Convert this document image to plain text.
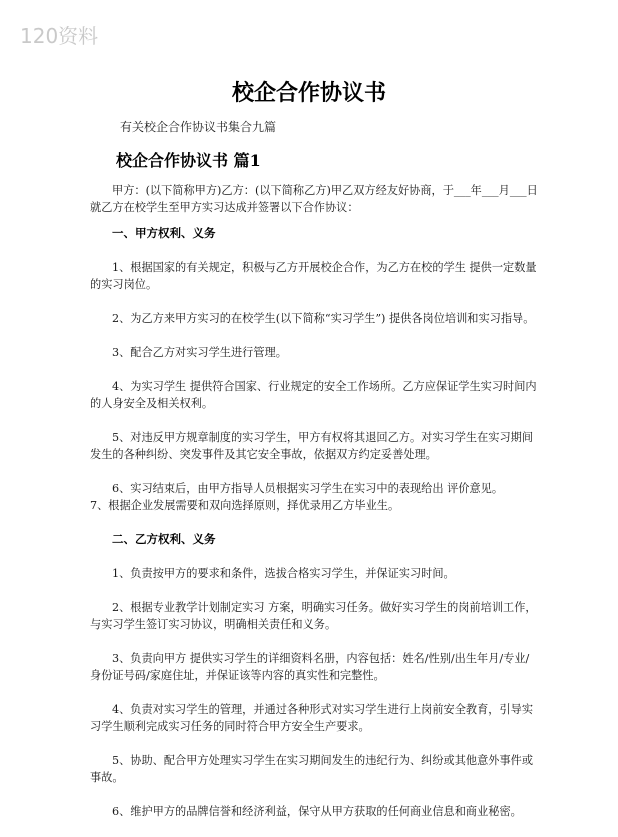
120资料
校企合作协议书
有关校企合作协议书集合九篇
校企合作协议书 篇1

甲方：(以下简称甲方)乙方：(以下简称乙方)甲乙双方经友好协商，于___年___月___日就乙方在校学生至甲方实习达成并签署以下合作协议：

一、甲方权利、义务

1、根据国家的有关规定，积极与乙方开展校企合作，为乙方在校的学生 提供一定数量的实习岗位。

2、为乙方来甲方实习的在校学生(以下简称“实习学生”) 提供各岗位培训和实习指导。

3、配合乙方对实习学生进行管理。

4、为实习学生 提供符合国家、行业规定的安全工作场所。乙方应保证学生实习时间内的人身安全及相关权利。

5、对违反甲方规章制度的实习学生，甲方有权将其退回乙方。对实习学生在实习期间发生的各种纠纷、突发事件及其它安全事故，依据双方约定妥善处理。

6、实习结束后，由甲方指导人员根据实习学生在实习中的表现给出 评价意见。

7、根据企业发展需要和双向选择原则，择优录用乙方毕业生。

二、乙方权利、义务

1、负责按甲方的要求和条件，选拔合格实习学生，并保证实习时间。

2、根据专业教学计划制定实习 方案，明确实习任务。做好实习学生的岗前培训工作，与实习学生签订实习协议，明确相关责任和义务。

3、负责向甲方 提供实习学生的详细资料名册，内容包括：姓名/性别/出生年月/专业/身份证号码/家庭住址，并保证该等内容的真实性和完整性。

4、负责对实习学生的管理，并通过各种形式对实习学生进行上岗前安全教育，引导实习学生顺利完成实习任务的同时符合甲方安全生产要求。

5、协助、配合甲方处理实习学生在实习期间发生的违纪行为、纠纷或其他意外事件或事故。

6、维护甲方的品牌信誉和经济利益，保守从甲方获取的任何商业信息和商业秘密。
